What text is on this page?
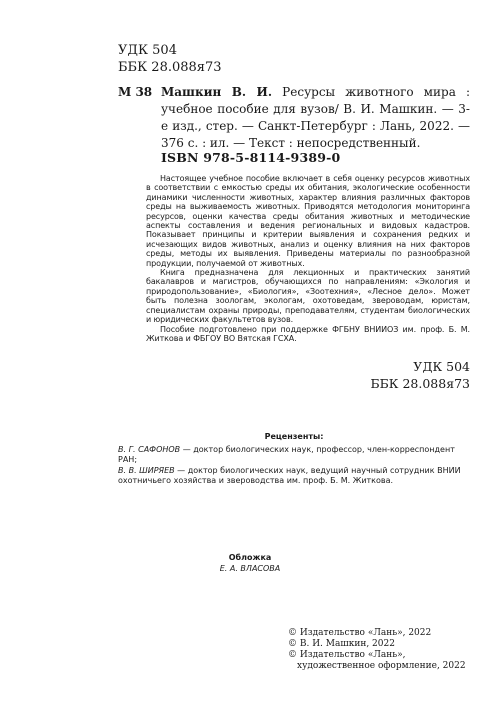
УДК 504
ББК 28.088я73
М 38 Машкин В. И. Ресурсы животного мира : учебное пособие для вузов/ В. И. Машкин. — 3-е изд., стер. — Санкт-Петербург : Лань, 2022. — 376 с. : ил. — Текст : непосредственный.
ISBN 978-5-8114-9389-0

Настоящее учебное пособие включает в себя оценку ресурсов животных в соответствии с емкостью среды их обитания, экологические особенности динамики численности животных, характер влияния различных факторов среды на выживаемость животных. Приводятся методология мониторинга ресурсов, оценки качества среды обитания животных и методические аспекты составления и ведения региональных и видовых кадастров. Показывает принципы и критерии выявления и сохранения редких и исчезающих видов животных, анализ и оценку влияния на них факторов среды, методы их выявления. Приведены материалы по разнообразной продукции, получаемой от животных.

Книга предназначена для лекционных и практических занятий бакалавров и магистров, обучающихся по направлениям: «Экология и природопользование», «Биология», «Зоотехния», «Лесное дело». Может быть полезна зоологам, экологам, охотоведам, звероводам, юристам, специалистам охраны природы, преподавателям, студентам биологических и юридических факультетов вузов.

Пособие подготовлено при поддержке ФГБНУ ВНИИОЗ им. проф. Б. М. Житкова и ФБГОУ ВО Вятская ГСХА.

УДК 504
ББК 28.088я73
Рецензенты:
В. Г. САФОНОВ — доктор биологических наук, профессор, член-корреспондент РАН;
В. В. ШИРЯЕВ — доктор биологических наук, ведущий научный сотрудник ВНИИ охотничьего хозяйства и звероводства им. проф. Б. М. Житкова.
Обложка
Е. А. ВЛАСОВА
© Издательство «Лань», 2022
© В. И. Машкин, 2022
© Издательство «Лань»,
художественное оформление, 2022
